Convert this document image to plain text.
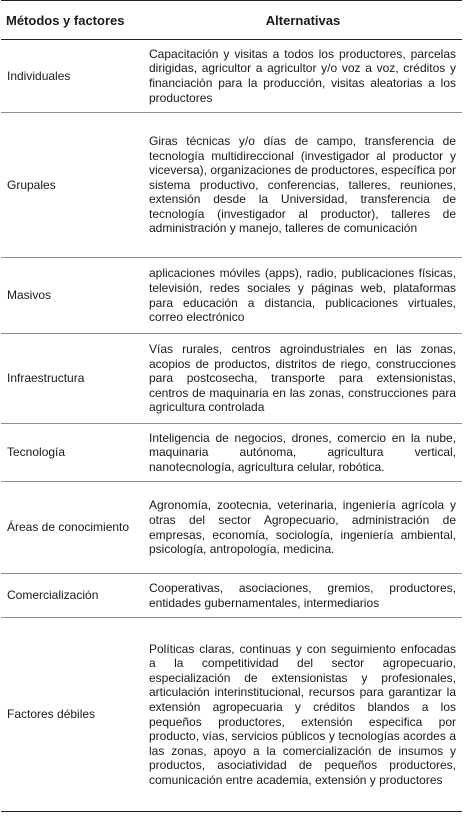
Métodos y factores	Alternativas
Individuales	Capacitación y visitas a todos los productores, parcelas dirigidas, agricultor a agricultor y/o voz a voz, créditos y financiación para la producción, visitas aleatorias a los productores
Grupales	Giras técnicas y/o días de campo, transferencia de tecnología multidireccional (investigador al productor y viceversa), organizaciones de productores, específica por sistema productivo, conferencias, talleres, reuniones, extensión desde la Universidad, transferencia de tecnología (investigador al productor), talleres de administración y manejo, talleres de comunicación
Masivos	aplicaciones móviles (apps), radio, publicaciones físicas, televisión, redes sociales y páginas web, plataformas para educación a distancia, publicaciones virtuales, correo electrónico
Infraestructura	Vías rurales, centros agroindustriales en las zonas, acopios de productos, distritos de riego, construcciones para postcosecha, transporte para extensionistas, centros de maquinaria en las zonas, construcciones para agricultura controlada
Tecnología	Inteligencia de negocios, drones, comercio en la nube, maquinaria autónoma, agricultura vertical, nanotecnología, agricultura celular, robótica.
Áreas de conocimiento	Agronomía, zootecnia, veterinaria, ingeniería agrícola y otras del sector Agropecuario, administración de empresas, economía, sociología, ingeniería ambiental, psicología, antropología, medicina.
Comercialización	Cooperativas, asociaciones, gremios, productores, entidades gubernamentales, intermediarios
Factores débiles	Políticas claras, continuas y con seguimiento enfocadas a la competitividad del sector agropecuario, especialización de extensionistas y profesionales, articulación interinstitucional, recursos para garantizar la extensión agropecuaria y créditos blandos a los pequeños productores, extensión especifica por producto, vías, servicios públicos y tecnologías acordes a las zonas, apoyo a la comercialización de insumos y productos, asociatividad de pequeños productores, comunicación entre academia, extensión y productores
